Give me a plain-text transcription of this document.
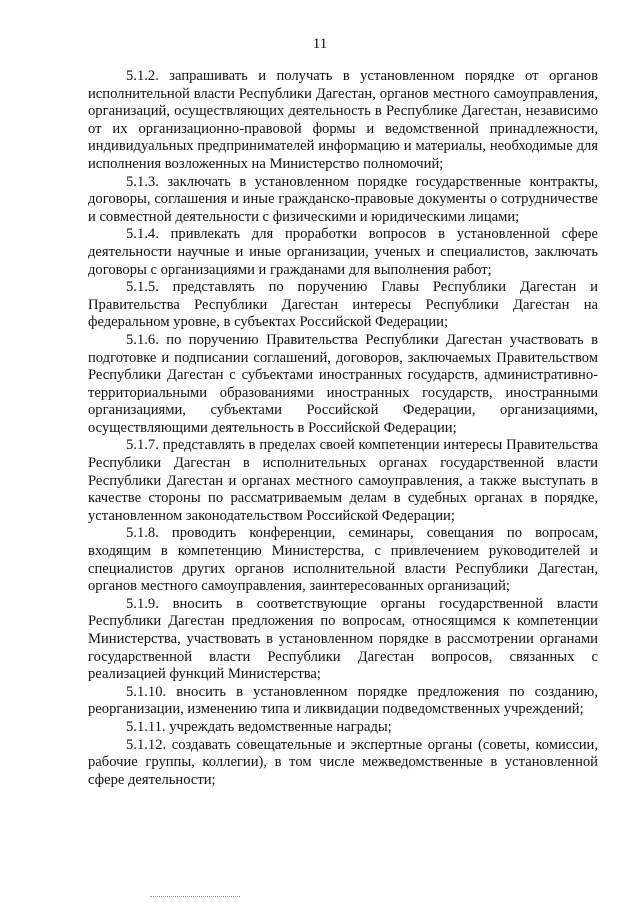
11

5.1.2. запрашивать и получать в установленном порядке от органов исполнительной власти Республики Дагестан, органов местного самоуправления, организаций, осуществляющих деятельность в Республике Дагестан, независимо от их организационно-правовой формы и ведомственной принадлежности, индивидуальных предпринимателей информацию и материалы, необходимые для исполнения возложенных на Министерство полномочий;

5.1.3. заключать в установленном порядке государственные контракты, договоры, соглашения и иные гражданско-правовые документы о сотрудничестве и совместной деятельности с физическими и юридическими лицами;

5.1.4. привлекать для проработки вопросов в установленной сфере деятельности научные и иные организации, ученых и специалистов, заключать договоры с организациями и гражданами для выполнения работ;

5.1.5. представлять по поручению Главы Республики Дагестан и Правительства Республики Дагестан интересы Республики Дагестан на федеральном уровне, в субъектах Российской Федерации;

5.1.6. по поручению Правительства Республики Дагестан участвовать в подготовке и подписании соглашений, договоров, заключаемых Правительством Республики Дагестан с субъектами иностранных государств, административно-территориальными образованиями иностранных государств, иностранными организациями, субъектами Российской Федерации, организациями, осуществляющими деятельность в Российской Федерации;

5.1.7. представлять в пределах своей компетенции интересы Правительства Республики Дагестан в исполнительных органах государственной власти Республики Дагестан и органах местного самоуправления, а также выступать в качестве стороны по рассматриваемым делам в судебных органах в порядке, установленном законодательством Российской Федерации;

5.1.8. проводить конференции, семинары, совещания по вопросам, входящим в компетенцию Министерства, с привлечением руководителей и специалистов других органов исполнительной власти Республики Дагестан, органов местного самоуправления, заинтересованных организаций;

5.1.9. вносить в соответствующие органы государственной власти Республики Дагестан предложения по вопросам, относящимся к компетенции Министерства, участвовать в установленном порядке в рассмотрении органами государственной власти Республики Дагестан вопросов, связанных с реализацией функций Министерства;

5.1.10. вносить в установленном порядке предложения по созданию, реорганизации, изменению типа и ликвидации подведомственных учреждений;

5.1.11. учреждать ведомственные награды;

5.1.12. создавать совещательные и экспертные органы (советы, комиссии, рабочие группы, коллегии), в том числе межведомственные в установленной сфере деятельности;
